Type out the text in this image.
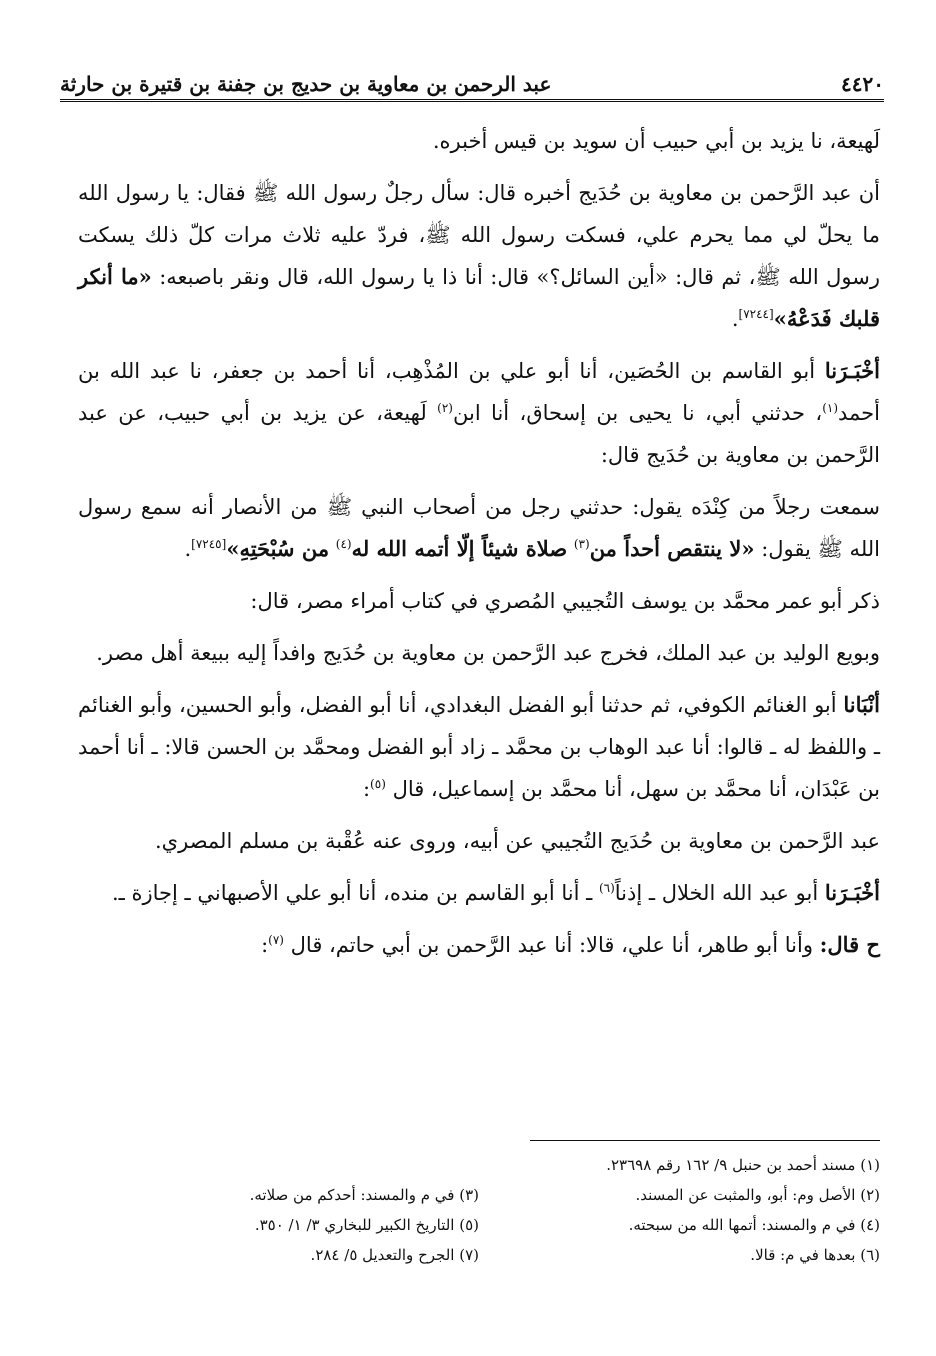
٤٤٢٠
عبد الرحمن بن معاوية بن حديج بن جفنة بن قتيرة بن حارثة

لَهيعة، نا يزيد بن أبي حبيب أن سويد بن قيس أخبره.

أن عبد الرَّحمن بن معاوية بن حُدَيج أخبره قال: سأل رجلٌ رسول الله ﷺ فقال: يا رسول الله ما يحلّ لي مما يحرم علي، فسكت رسول الله ﷺ، فردّ عليه ثلاث مرات كلّ ذلك يسكت رسول الله ﷺ، ثم قال: «أين السائل؟» قال: أنا ذا يا رسول الله، قال ونقر باصبعه: «ما أنكر قلبك فَدَعْهُ»[٧٢٤٤].

أخْبَـرَنا أبو القاسم بن الحُصَين، أنا أبو علي بن المُذْهِب، أنا أحمد بن جعفر، نا عبد الله بن أحمد$^{(١)}$، حدثني أبي، نا يحيى بن إسحاق، أنا ابن$^{(٢)}$ لَهيعة، عن يزيد بن أبي حبيب، عن عبد الرَّحمن بن معاوية بن حُدَيج قال:

سمعت رجلاً من كِنْدَه يقول: حدثني رجل من أصحاب النبي ﷺ من الأنصار أنه سمع رسول الله ﷺ يقول: «لا ينتقص أحداً من$^{(٣)}$ صلاة شيئاً إلّا أتمه الله له$^{(٤)}$ من سُبْحَتِهِ»[٧٢٤٥].

ذكر أبو عمر محمَّد بن يوسف التُجيبي المُصري في كتاب أمراء مصر، قال:

وبويع الوليد بن عبد الملك، فخرج عبد الرَّحمن بن معاوية بن حُدَيج وافداً إليه ببيعة أهل مصر.

أنْبَانا أبو الغنائم الكوفي، ثم حدثنا أبو الفضل البغدادي، أنا أبو الفضل، وأبو الحسين، وأبو الغنائم ـ واللفظ له ـ قالوا: أنا عبد الوهاب بن محمَّد ـ زاد أبو الفضل ومحمَّد بن الحسن قالا: ـ أنا أحمد بن عَبْدَان، أنا محمَّد بن سهل، أنا محمَّد بن إسماعيل، قال $^{(٥)}$:

عبد الرَّحمن بن معاوية بن حُدَيج التُجيبي عن أبيه، وروى عنه عُقْبة بن مسلم المصري.

أخْبَـرَنا أبو عبد الله الخلال ـ إذناً$^{(٦)}$ ـ أنا أبو القاسم بن منده، أنا أبو علي الأصبهاني ـ إجازة ـ.

ح قال: وأنا أبو طاهر، أنا علي، قالا: أنا عبد الرَّحمن بن أبي حاتم، قال $^{(٧)}$:

(١) مسند أحمد بن حنبل ٩/ ١٦٢ رقم ٢٣٦٩٨.
(٢) الأصل وم: أبو، والمثبت عن المسند.
(٣) في م والمسند: أحدكم من صلاته.
(٤) في م والمسند: أتمها الله من سبحته.
(٥) التاريخ الكبير للبخاري ٣/ ١/ ٣٥٠.
(٦) بعدها في م: قالا.
(٧) الجرح والتعديل ٥/ ٢٨٤.
